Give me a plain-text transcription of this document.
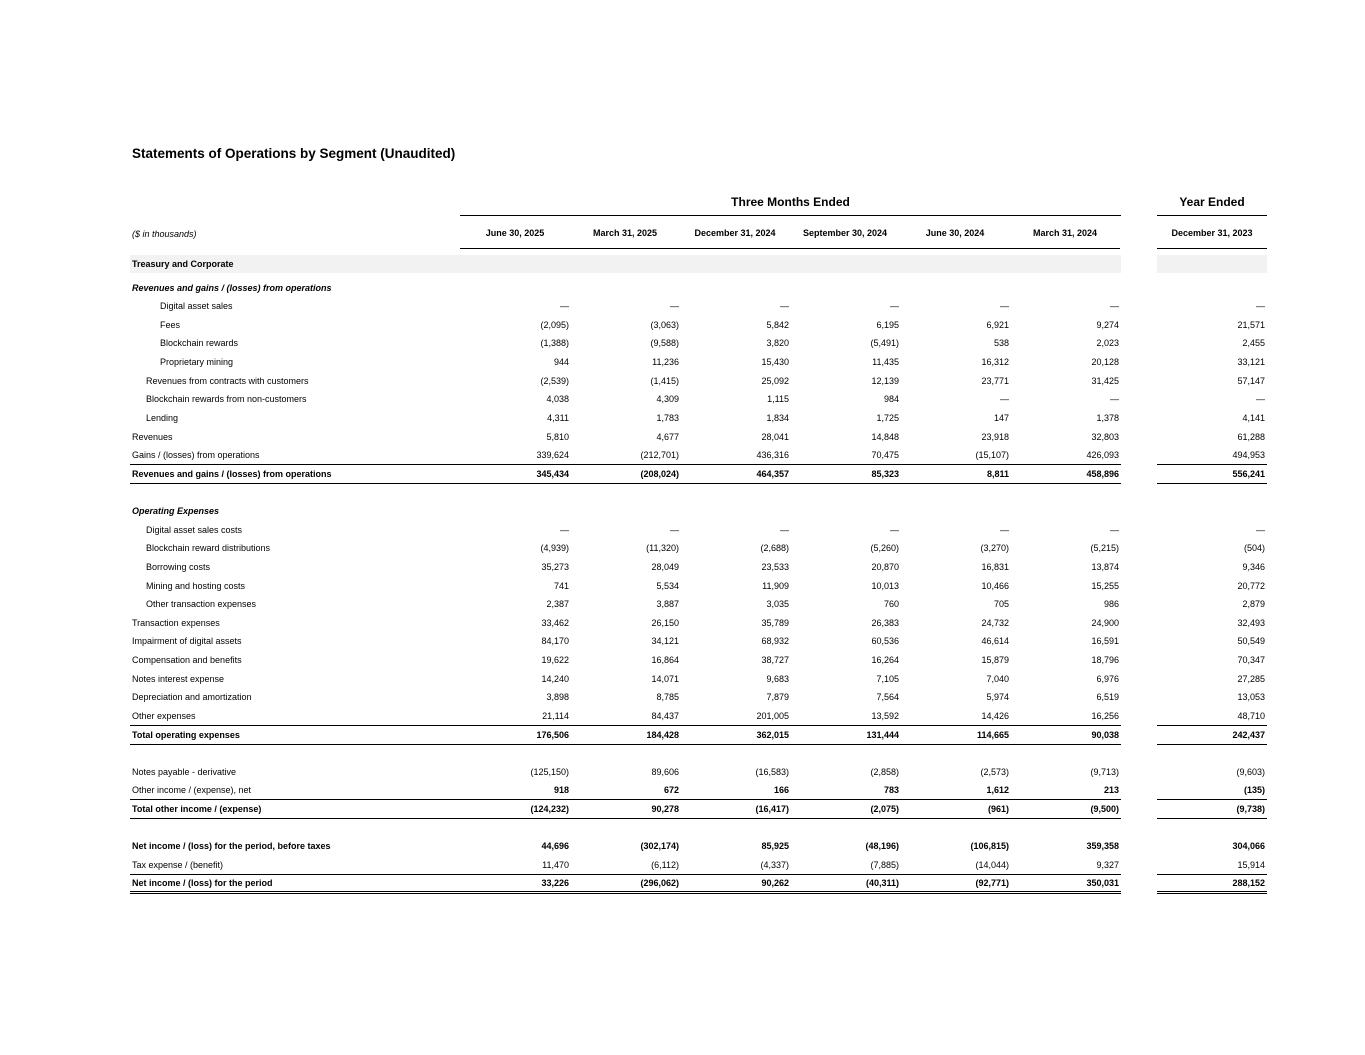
Statements of Operations by Segment (Unaudited)
Three Months Ended	Year Ended
($ in thousands)	June 30, 2025	March 31, 2025	December 31, 2024	September 30, 2024	June 30, 2024	March 31, 2024	December 31, 2023
Treasury and Corporate
Revenues and gains / (losses) from operations
Digital asset sales	—	—	—	—	—	—	—
Fees	(2,095)	(3,063)	5,842	6,195	6,921	9,274	21,571
Blockchain rewards	(1,388)	(9,588)	3,820	(5,491)	538	2,023	2,455
Proprietary mining	944	11,236	15,430	11,435	16,312	20,128	33,121
Revenues from contracts with customers	(2,539)	(1,415)	25,092	12,139	23,771	31,425	57,147
Blockchain rewards from non-customers	4,038	4,309	1,115	984	—	—	—
Lending	4,311	1,783	1,834	1,725	147	1,378	4,141
Revenues	5,810	4,677	28,041	14,848	23,918	32,803	61,288
Gains / (losses) from operations	339,624	(212,701)	436,316	70,475	(15,107)	426,093	494,953
Revenues and gains / (losses) from operations	345,434	(208,024)	464,357	85,323	8,811	458,896	556,241
Operating Expenses
Digital asset sales costs	—	—	—	—	—	—	—
Blockchain reward distributions	(4,939)	(11,320)	(2,688)	(5,260)	(3,270)	(5,215)	(504)
Borrowing costs	35,273	28,049	23,533	20,870	16,831	13,874	9,346
Mining and hosting costs	741	5,534	11,909	10,013	10,466	15,255	20,772
Other transaction expenses	2,387	3,887	3,035	760	705	986	2,879
Transaction expenses	33,462	26,150	35,789	26,383	24,732	24,900	32,493
Impairment of digital assets	84,170	34,121	68,932	60,536	46,614	16,591	50,549
Compensation and benefits	19,622	16,864	38,727	16,264	15,879	18,796	70,347
Notes interest expense	14,240	14,071	9,683	7,105	7,040	6,976	27,285
Depreciation and amortization	3,898	8,785	7,879	7,564	5,974	6,519	13,053
Other expenses	21,114	84,437	201,005	13,592	14,426	16,256	48,710
Total operating expenses	176,506	184,428	362,015	131,444	114,665	90,038	242,437
Notes payable - derivative	(125,150)	89,606	(16,583)	(2,858)	(2,573)	(9,713)	(9,603)
Other income / (expense), net	918	672	166	783	1,612	213	(135)
Total other income / (expense)	(124,232)	90,278	(16,417)	(2,075)	(961)	(9,500)	(9,738)
Net income / (loss) for the period, before taxes	44,696	(302,174)	85,925	(48,196)	(106,815)	359,358	304,066
Tax expense / (benefit)	11,470	(6,112)	(4,337)	(7,885)	(14,044)	9,327	15,914
Net income / (loss) for the period	33,226	(296,062)	90,262	(40,311)	(92,771)	350,031	288,152
